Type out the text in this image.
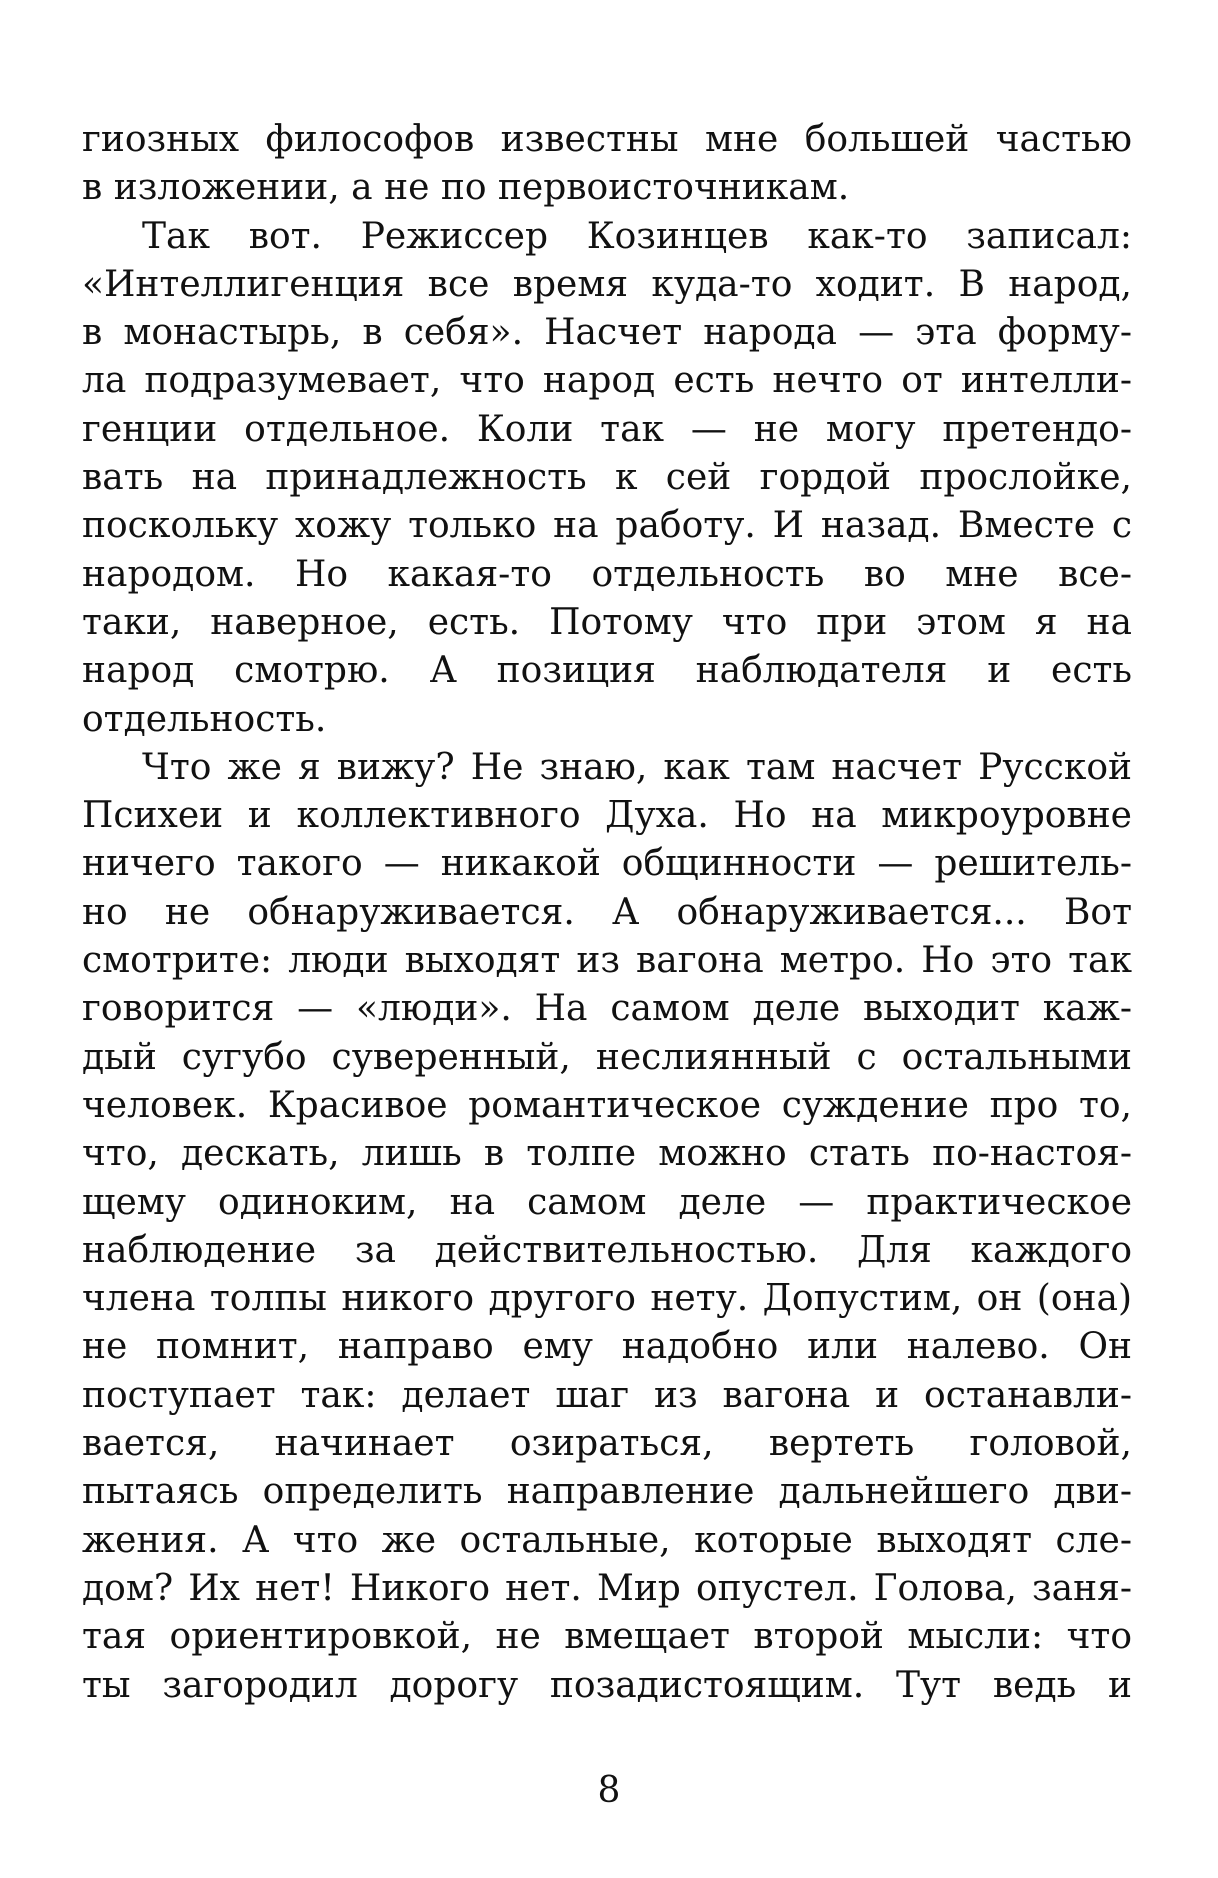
гиозных философов известны мне большей частью
в изложении, а не по первоисточникам.
Так вот. Режиссер Козинцев как-то записал:
«Интеллигенция все время куда-то ходит. В народ,
в монастырь, в себя». Насчет народа — эта форму-
ла подразумевает, что народ есть нечто от интелли-
генции отдельное. Коли так — не могу претендо-
вать на принадлежность к сей гордой прослойке,
поскольку хожу только на работу. И назад. Вместе с
народом. Но какая-то отдельность во мне все-
таки, наверное, есть. Потому что при этом я на
народ смотрю. А позиция наблюдателя и есть
отдельность.
Что же я вижу? Не знаю, как там насчет Русской
Психеи и коллективного Духа. Но на микроуровне
ничего такого — никакой общинности — решитель-
но не обнаруживается. А обнаруживается... Вот
смотрите: люди выходят из вагона метро. Но это так
говорится — «люди». На самом деле выходит каж-
дый сугубо суверенный, неслиянный с остальными
человек. Красивое романтическое суждение про то,
что, дескать, лишь в толпе можно стать по-настоя-
щему одиноким, на самом деле — практическое
наблюдение за действительностью. Для каждого
члена толпы никого другого нету. Допустим, он (она)
не помнит, направо ему надобно или налево. Он
поступает так: делает шаг из вагона и останавли-
вается, начинает озираться, вертеть головой,
пытаясь определить направление дальнейшего дви-
жения. А что же остальные, которые выходят сле-
дом? Их нет! Никого нет. Мир опустел. Голова, заня-
тая ориентировкой, не вмещает второй мысли: что
ты загородил дорогу позадистоящим. Тут ведь и
8
